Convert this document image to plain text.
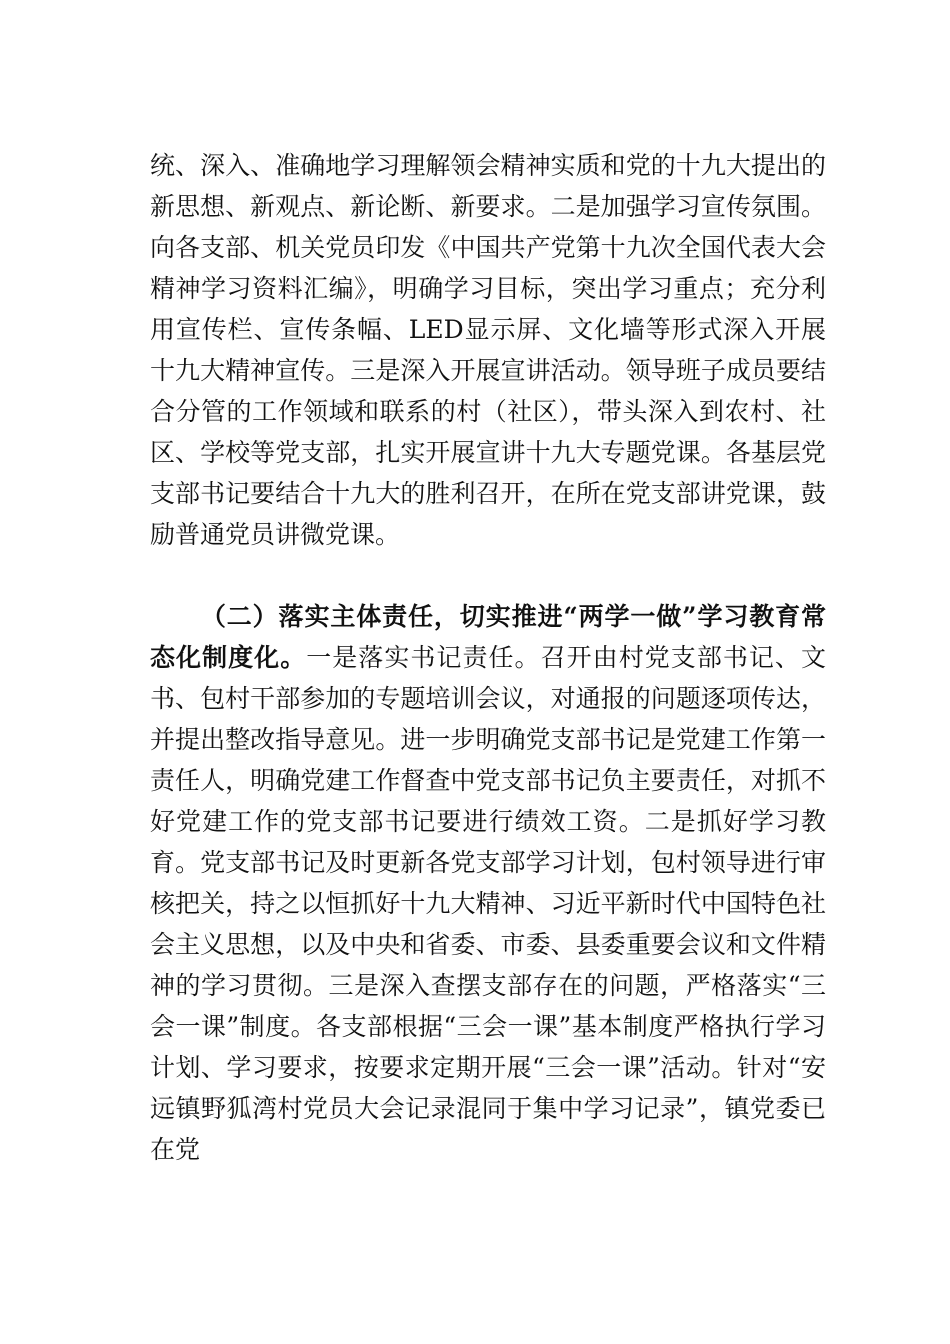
统、深入、准确地学习理解领会精神实质和党的十九大提出的新思想、新观点、新论断、新要求。二是加强学习宣传氛围。向各支部、机关党员印发《中国共产党第十九次全国代表大会精神学习资料汇编》，明确学习目标，突出学习重点；充分利用宣传栏、宣传条幅、LED显示屏、文化墙等形式深入开展十九大精神宣传。三是深入开展宣讲活动。领导班子成员要结合分管的工作领域和联系的村（社区），带头深入到农村、社区、学校等党支部，扎实开展宣讲十九大专题党课。各基层党支部书记要结合十九大的胜利召开，在所在党支部讲党课，鼓励普通党员讲微党课。

（二）落实主体责任，切实推进“两学一做”学习教育常态化制度化。一是落实书记责任。召开由村党支部书记、文书、包村干部参加的专题培训会议，对通报的问题逐项传达，并提出整改指导意见。进一步明确党支部书记是党建工作第一责任人，明确党建工作督查中党支部书记负主要责任，对抓不好党建工作的党支部书记要进行绩效工资。二是抓好学习教育。党支部书记及时更新各党支部学习计划，包村领导进行审核把关，持之以恒抓好十九大精神、习近平新时代中国特色社会主义思想，以及中央和省委、市委、县委重要会议和文件精神的学习贯彻。三是深入查摆支部存在的问题，严格落实“三会一课”制度。各支部根据“三会一课”基本制度严格执行学习计划、学习要求，按要求定期开展“三会一课”活动。针对“安远镇野狐湾村党员大会记录混同于集中学习记录”，镇党委已在党
